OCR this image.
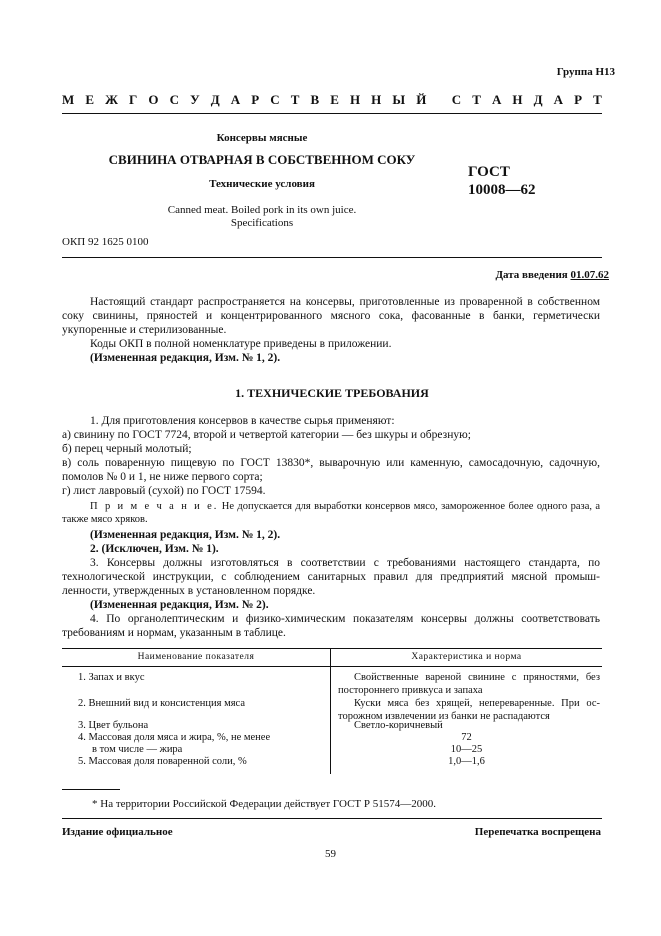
Группа Н13
М Е Ж Г О С У Д А Р С Т В Е Н Н Ы Й
С Т А Н Д А Р Т
Консервы мясные
СВИНИНА ОТВАРНАЯ В СОБСТВЕННОМ СОКУ
Технические условия
ГОСТ
10008—62
Canned meat. Boiled pork in its own juice.
Specifications
ОКП 92 1625 0100
Дата введения 01.07.62
Настоящий стандарт распространяется на консервы, приготовленные из проваренной в собственном соку свинины, пряностей и концентрированного мясного сока, фасованные в банки, герметически укупоренные и стерилизованные.
Коды ОКП в полной номенклатуре приведены в приложении.
(Измененная редакция, Изм. № 1, 2).
1. ТЕХНИЧЕСКИЕ ТРЕБОВАНИЯ
1. Для приготовления консервов в качестве сырья применяют:
а) свинину по ГОСТ 7724, второй и четвертой категории — без шкуры и обрезную;
б) перец черный молотый;
в) соль поваренную пищевую по ГОСТ 13830*, выварочную или каменную, самосадочную, садочную, помолов № 0 и 1, не ниже первого сорта;
г) лист лавровый (сухой) по ГОСТ 17594.
П р и м е ч а н и е. Не допускается для выработки консервов мясо, замороженное более одного раза, а также мясо хряков.
(Измененная редакция, Изм. № 1, 2).
2. (Исключен, Изм. № 1).
3. Консервы должны изготовляться в соответствии с требованиями настоящего стандарта, по технологической инструкции, с соблюдением санитарных правил для предприятий мясной промышленности, утвержденных в установленном порядке.
(Измененная редакция, Изм. № 2).
4. По органолептическим и физико-химическим показателям консервы должны соответствовать требованиям и нормам, указанным в таблице.
Наименование показателя	Характеристика и норма
1. Запах и вкус	Свойственные вареной свинине с пряностями, без постороннего привкуса и запаха
2. Внешний вид и консистенция мяса	Куски мяса без хрящей, непереваренные. При осторожном извлечении из банки не распадаются
3. Цвет бульона	Светло-коричневый
4. Массовая доля мяса и жира, %, не менее	72
в том числе — жира	10—25
5. Массовая доля поваренной соли, %	1,0—1,6
* На территории Российской Федерации действует ГОСТ Р 51574—2000.
Издание официальное	Перепечатка воспрещена
59
